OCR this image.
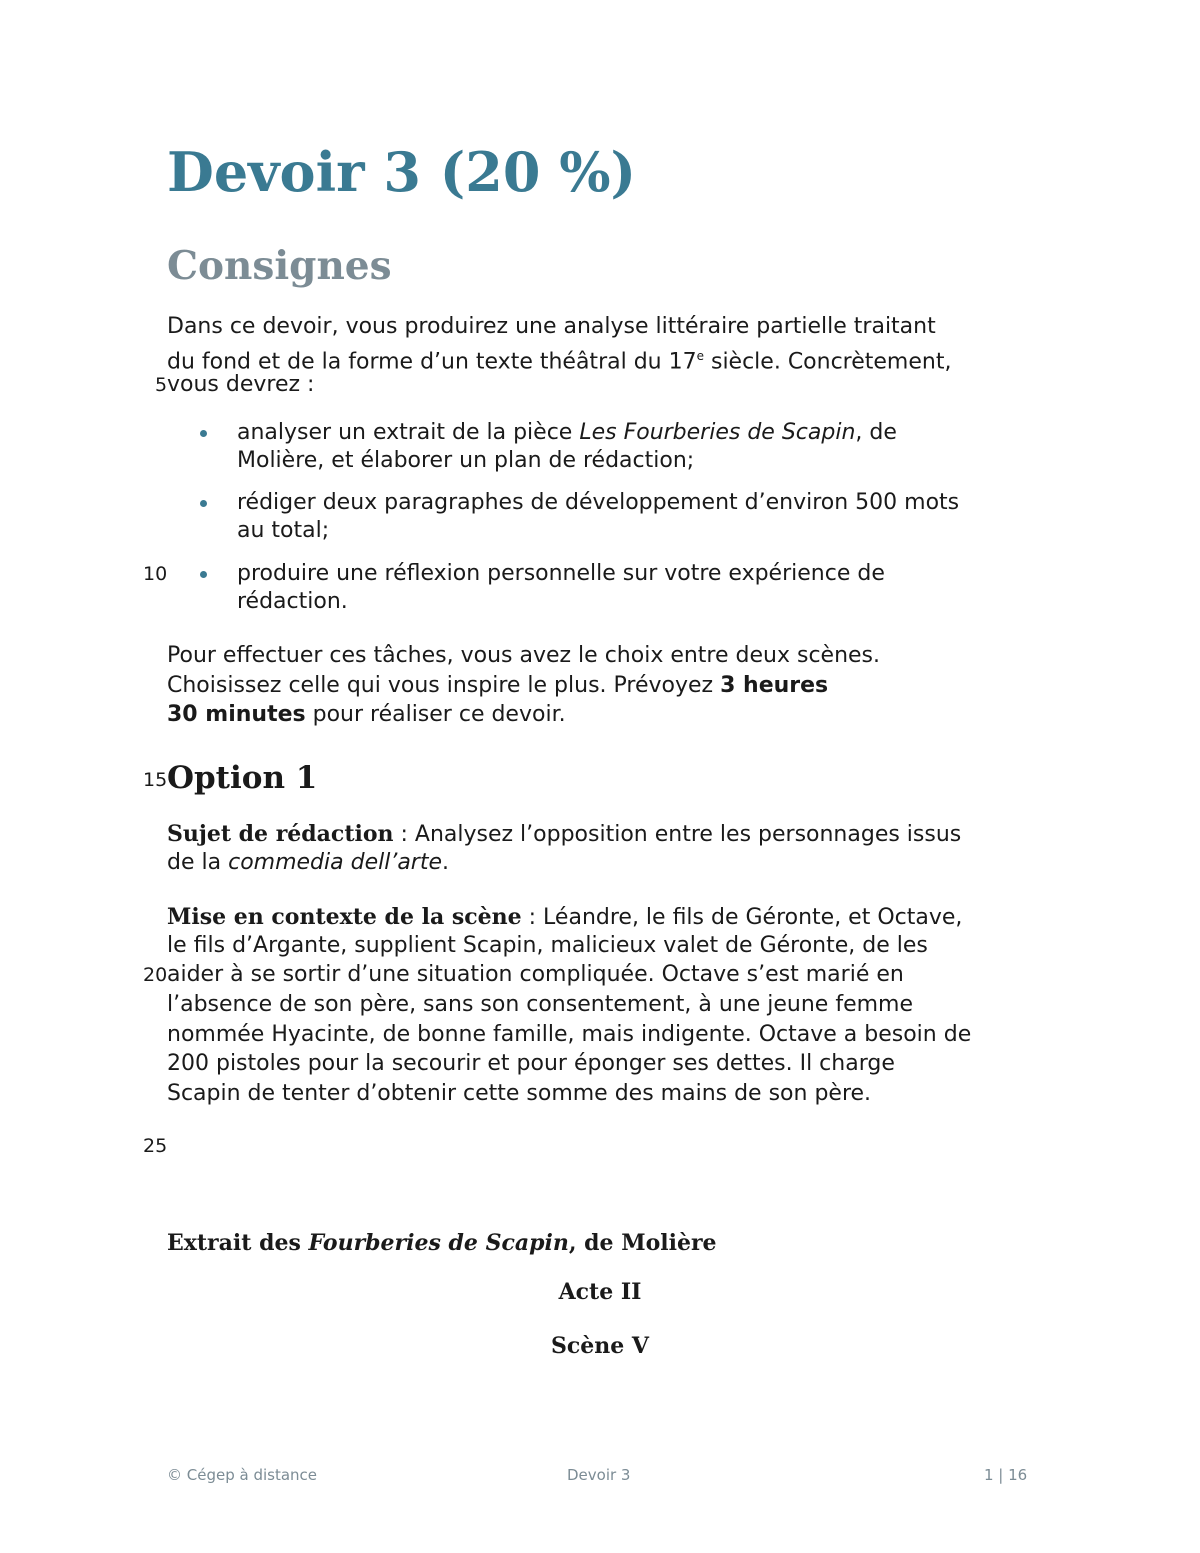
Devoir 3 (20 %)
Consignes
Dans ce devoir, vous produirez une analyse littéraire partielle traitant
du fond et de la forme d’un texte théâtral du 17e siècle. Concrètement,
5 vous devrez :
analyser un extrait de la pièce Les Fourberies de Scapin, de
Molière, et élaborer un plan de rédaction;
rédiger deux paragraphes de développement d’environ 500 mots
au total;
10	produire une réflexion personnelle sur votre expérience de
rédaction.
Pour effectuer ces tâches, vous avez le choix entre deux scènes.
Choisissez celle qui vous inspire le plus. Prévoyez 3 heures
30 minutes pour réaliser ce devoir.
15 Option 1
Sujet de rédaction : Analysez l’opposition entre les personnages issus
de la commedia dell’arte.
Mise en contexte de la scène : Léandre, le fils de Géronte, et Octave,
le fils d’Argante, supplient Scapin, malicieux valet de Géronte, de les
20 aider à se sortir d’une situation compliquée. Octave s’est marié en
l’absence de son père, sans son consentement, à une jeune femme
nommée Hyacinte, de bonne famille, mais indigente. Octave a besoin de
200 pistoles pour la secourir et pour éponger ses dettes. Il charge
Scapin de tenter d’obtenir cette somme des mains de son père.
25
Extrait des Fourberies de Scapin, de Molière
Acte II
Scène V
© Cégep à distance	Devoir 3	1 | 16
